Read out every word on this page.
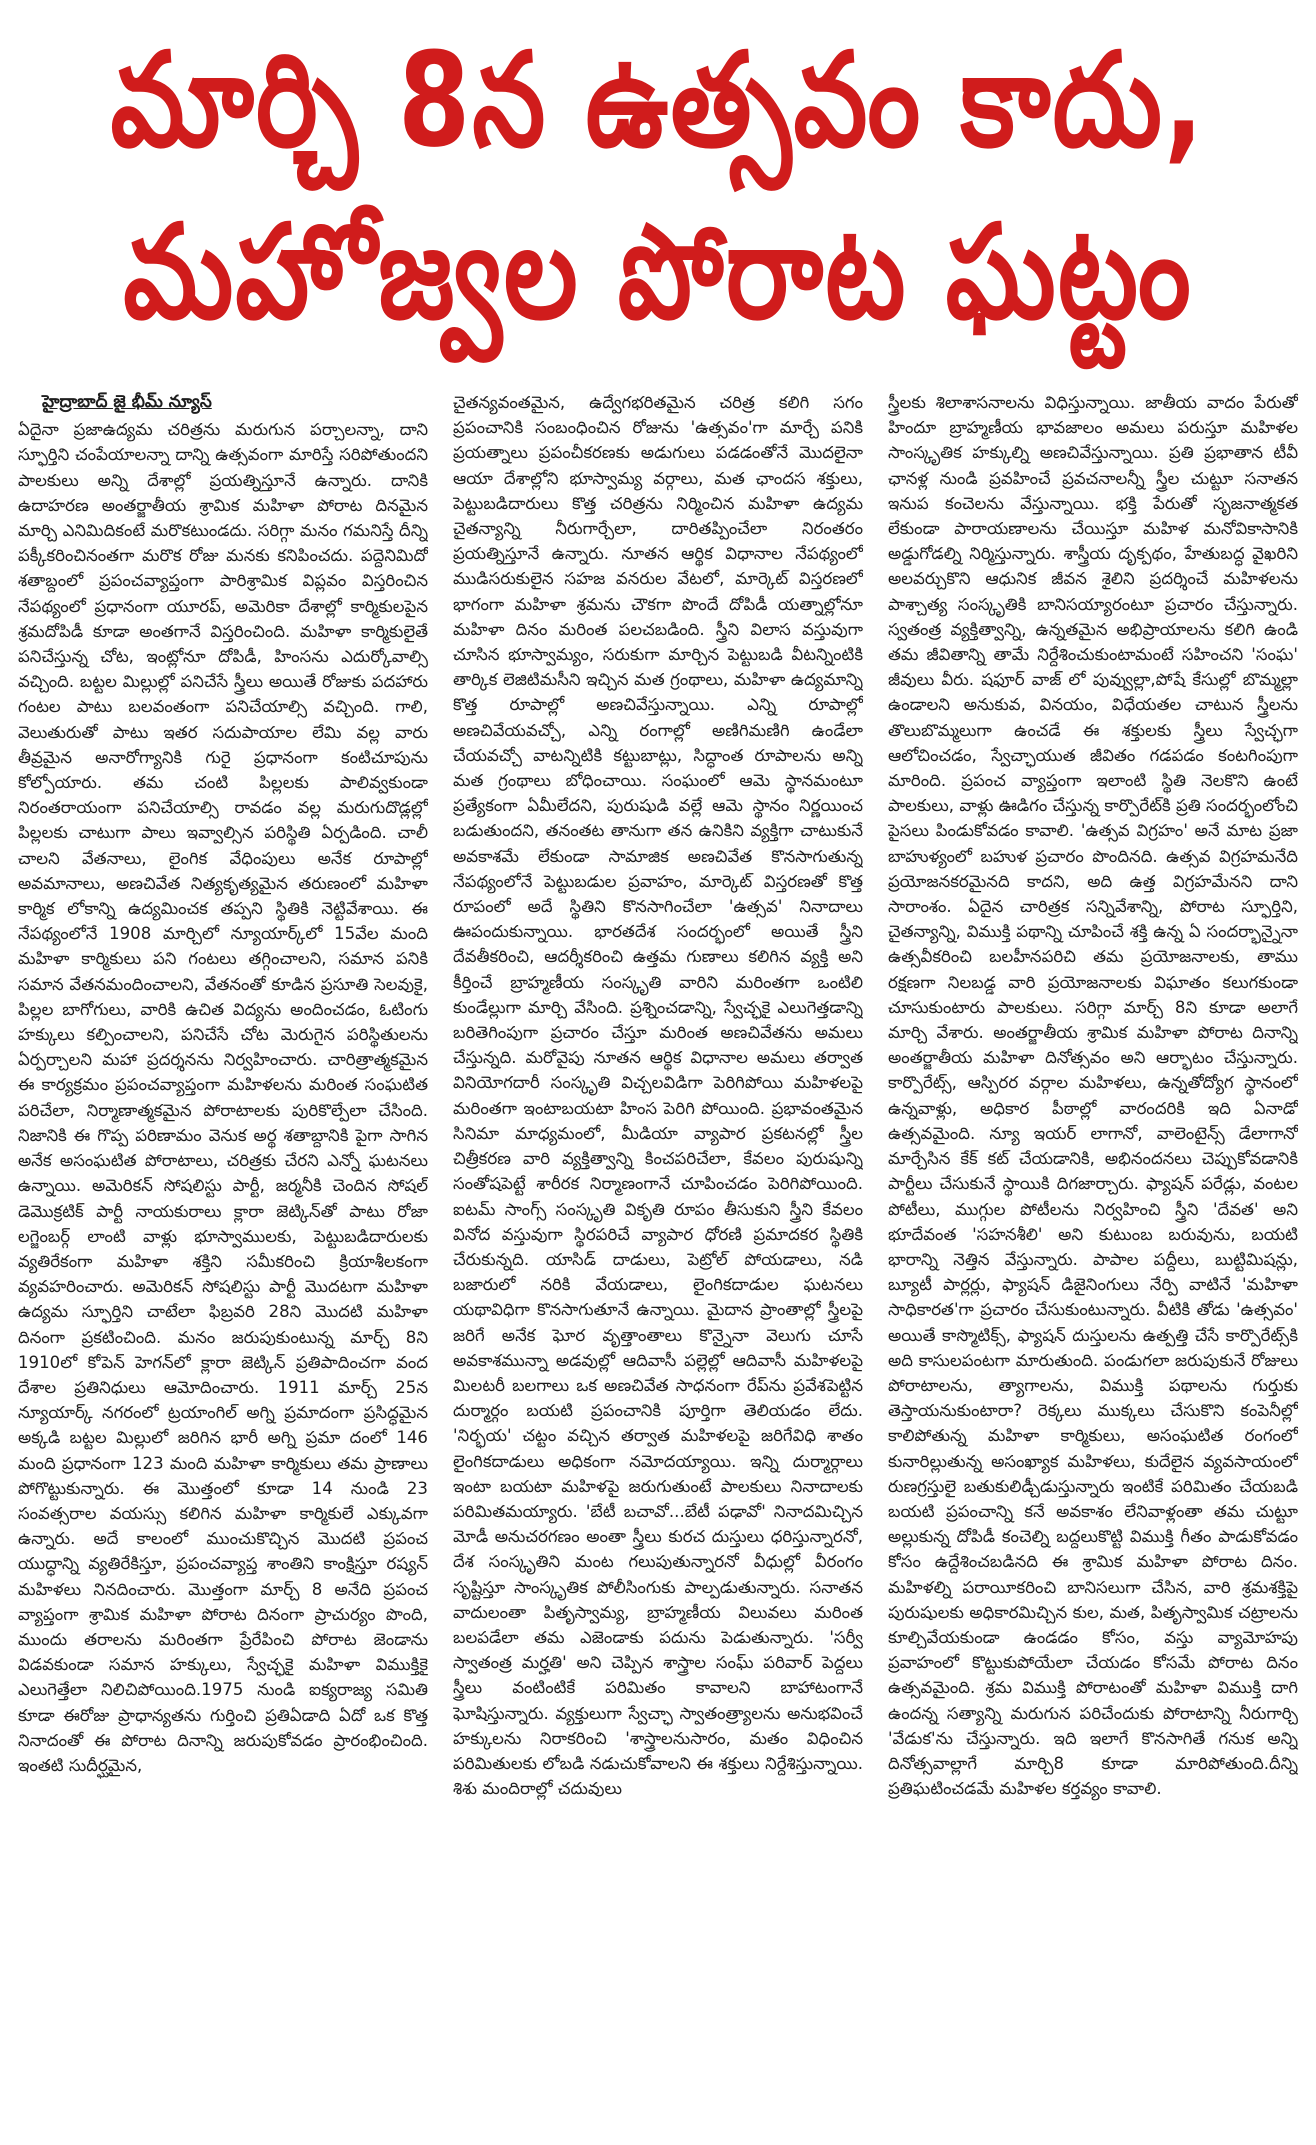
మార్చి 8న ఉత్సవం కాదు,
మహోజ్వల పోరాట ఘట్టం
హైద్రాబాద్ జై భీమ్ న్యూస్

ఏదైనా ప్రజాఉద్యమ చరిత్రను మరుగున పర్చాలన్నా, దాని స్ఫూర్తిని చంపేయాలన్నా దాన్ని ఉత్సవంగా మారిస్తే సరిపోతుందని పాలకులు అన్ని దేశాల్లో ప్రయత్నిస్తూనే ఉన్నారు. దానికి ఉదాహరణ అంతర్జాతీయ శ్రామిక మహిళా పోరాట దినమైన మార్చి ఎనిమిదికంటే మరొకటుండదు. సరిగ్గా మనం గమనిస్తే దీన్ని పక్కీకరించినంతగా మరొక రోజు మనకు కనిపించదు. పద్దెనిమిదో శతాబ్దంలో ప్రపంచవ్యాప్తంగా పారిశ్రామిక విప్లవం విస్తరించిన నేపథ్యంలో ప్రధానంగా యూరప్, అమెరికా దేశాల్లో కార్మికులపైన శ్రమదోపిడీ కూడా అంతగానే విస్తరించింది. మహిళా కార్మికులైతే పనిచేస్తున్న చోట, ఇంట్లోనూ దోపిడీ, హింసను ఎదుర్కోవాల్సి వచ్చింది. బట్టల మిల్లుల్లో పనిచేసే స్త్రీలు అయితే రోజుకు పదహారు గంటల పాటు బలవంతంగా పనిచేయాల్సి వచ్చింది. గాలి, వెలుతురుతో పాటు ఇతర సదుపాయాల లేమి వల్ల వారు తీవ్రమైన అనారోగ్యానికి గురై ప్రధానంగా కంటిచూపును కోల్పోయారు. తమ చంటి పిల్లలకు పాలివ్వకుండా నిరంతరాయంగా పనిచేయాల్సి రావడం వల్ల మరుగుదొడ్లల్లో పిల్లలకు చాటుగా పాలు ఇవ్వాల్సిన పరిస్థితి ఏర్పడింది. చాలీ చాలని వేతనాలు, లైంగిక వేధింపులు అనేక రూపాల్లో అవమానాలు, అణచివేత నిత్యకృత్యమైన తరుణంలో మహిళా కార్మిక లోకాన్ని ఉద్యమించక తప్పని స్థితికి నెట్టివేశాయి. ఈ నేపథ్యంలోనే 1908 మార్చిలో న్యూయార్క్‌లో 15వేల మంది మహిళా కార్మికులు పని గంటలు తగ్గించాలని, సమాన పనికి సమాన వేతనమందించాలని, వేతనంతో కూడిన ప్రసూతి సెలవుకై, పిల్లల బాగోగులు, వారికి ఉచిత విద్యను అందించడం, ఓటింగు హక్కులు కల్పించాలని, పనిచేసే చోట మెరుగైన పరిస్థితులను ఏర్పర్చాలని మహా ప్రదర్శనను నిర్వహించారు. చారిత్రాత్మకమైన ఈ కార్యక్రమం ప్రపంచవ్యాప్తంగా మహిళలను మరింత సంఘటిత పరిచేలా, నిర్మాణాత్మకమైన పోరాటాలకు పురికొల్పేలా చేసింది. నిజానికి ఈ గొప్ప పరిణామం వెనుక అర్థ శతాబ్దానికి పైగా సాగిన అనేక అసంఘటిత పోరాటాలు, చరిత్రకు చేరని ఎన్నో ఘటనలు ఉన్నాయి. అమెరికన్ సోషలిస్టు పార్టీ, జర్మనీకి చెందిన సోషల్ డెమొక్రటిక్ పార్టీ నాయకురాలు క్లారా జెట్కిన్‌తో పాటు రోజా లగ్జెంబర్గ్ లాంటి వాళ్లు భూస్వాములకు, పెట్టుబడిదారులకు వ్యతిరేకంగా మహిళా శక్తిని సమీకరించి క్రియాశీలకంగా వ్యవహరించారు. అమెరికన్ సోషలిస్టు పార్టీ మొదటగా మహిళా ఉద్యమ స్ఫూర్తిని చాటేలా ఫిబ్రవరి 28ని మొదటి మహిళా దినంగా ప్రకటించింది. మనం జరుపుకుంటున్న మార్చ్ 8ని 1910లో కోపెన్ హెగన్‌లో క్లారా జెట్కిన్ ప్రతిపాదించగా వంద దేశాల ప్రతినిధులు ఆమోదించారు. 1911 మార్చ్ 25న న్యూయార్క్ నగరంలో ట్రయాంగిల్ అగ్ని ప్రమాదంగా ప్రసిద్ధమైన అక్కడి బట్టల మిల్లులో జరిగిన భారీ అగ్ని ప్రమా దంలో 146 మంది ప్రధానంగా 123 మంది మహిళా కార్మికులు తమ ప్రాణాలు పోగొట్టుకున్నారు. ఈ మొత్తంలో కూడా 14 నుండి 23 సంవత్సరాల వయస్సు కలిగిన మహిళా కార్మికులే ఎక్కువగా ఉన్నారు. అదే కాలంలో ముంచుకొచ్చిన మొదటి ప్రపంచ యుద్ధాన్ని వ్యతిరేకిస్తూ, ప్రపంచవ్యాప్త శాంతిని కాంక్షిస్తూ రష్యన్ మహిళలు నినదించారు. మొత్తంగా మార్చ్ 8 అనేది ప్రపంచ వ్యాప్తంగా శ్రామిక మహిళా పోరాట దినంగా ప్రాచుర్యం పొంది, ముందు తరాలను మరింతగా ప్రేరేపించి పోరాట జెండాను విడవకుండా సమాన హక్కులు, స్వేచ్ఛకై మహిళా విముక్తికై ఎలుగెత్తేలా నిలిచిపోయింది.1975 నుండి ఐక్యరాజ్య సమితి కూడా ఈరోజు ప్రాధాన్యతను గుర్తించి ప్రతిఏడాది ఏదో ఒక కొత్త నినాదంతో ఈ పోరాట దినాన్ని జరుపుకోవడం ప్రారంభించింది. ఇంతటి సుదీర్ఘమైన,

చైతన్యవంతమైన, ఉద్వేగభరితమైన చరిత్ర కలిగి సగం ప్రపంచానికి సంబంధించిన రోజును 'ఉత్సవం'గా మార్చే పనికి ప్రయత్నాలు ప్రపంచీకరణకు అడుగులు పడడంతోనే మొదలైనా ఆయా దేశాల్లోని భూస్వామ్య వర్గాలు, మత ఛాందస శక్తులు, పెట్టుబడిదారులు కొత్త చరిత్రను నిర్మించిన మహిళా ఉద్యమ చైతన్యాన్ని నీరుగార్చేలా, దారితప్పించేలా నిరంతరం ప్రయత్నిస్తూనే ఉన్నారు. నూతన ఆర్థిక విధానాల నేపథ్యంలో ముడిసరుకులైన సహజ వనరుల వేటలో, మార్కెట్ విస్తరణలో భాగంగా మహిళా శ్రమను చౌకగా పొందే దోపిడీ యత్నాల్లోనూ మహిళా దినం మరింత పలచబడింది. స్త్రీని విలాస వస్తువుగా చూసిన భూస్వామ్యం, సరుకుగా మార్చిన పెట్టుబడి వీటన్నింటికి తార్కిక లెజిటిమసీని ఇచ్చిన మత గ్రంథాలు, మహిళా ఉద్యమాన్ని కొత్త రూపాల్లో అణచివేస్తున్నాయి. ఎన్ని రూపాల్లో అణచివేయవచ్చో, ఎన్ని రంగాల్లో అణిగిమణిగి ఉండేలా చేయవచ్చో వాటన్నిటికి కట్టుబాట్లు, సిద్ధాంత రూపాలను అన్ని మత గ్రంథాలు బోధించాయి. సంఘంలో ఆమె స్థానమంటూ ప్రత్యేకంగా ఏమీలేదని, పురుషుడి వల్లే ఆమె స్థానం నిర్ణయించ బడుతుందని, తనంతట తానుగా తన ఉనికిని వ్యక్తిగా చాటుకునే అవకాశమే లేకుండా సామాజిక అణచివేత కొనసాగుతున్న నేపథ్యంలోనే పెట్టుబడుల ప్రవాహం, మార్కెట్ విస్తరణతో కొత్త రూపంలో అదే స్థితిని కొనసాగించేలా 'ఉత్సవ' నినాదాలు ఊపందుకున్నాయి. భారతదేశ సందర్భంలో అయితే స్త్రీని దేవతీకరించి, ఆదర్శీకరించి ఉత్తమ గుణాలు కలిగిన వ్యక్తి అని కీర్తించే బ్రాహ్మణీయ సంస్కృతి వారిని మరింతగా ఒంటిలి కుండేల్లుగా మార్చి వేసింది. ప్రశ్నించడాన్ని, స్వేచ్ఛకై ఎలుగెత్తడాన్ని బరితెగింపుగా ప్రచారం చేస్తూ మరింత అణచివేతను అమలు చేస్తున్నది. మరోవైపు నూతన ఆర్థిక విధానాల అమలు తర్వాత వినియోగదారీ సంస్కృతి విచ్చలవిడిగా పెరిగిపోయి మహిళలపై మరింతగా ఇంటాబయటా హింస పెరిగి పోయింది. ప్రభావంతమైన సినిమా మాధ్యమంలో, మీడియా వ్యాపార ప్రకటనల్లో స్త్రీల చిత్రీకరణ వారి వ్యక్తిత్వాన్ని కించపరిచేలా, కేవలం పురుషున్ని సంతోషపెట్టే శారీరక నిర్మాణంగానే చూపించడం పెరిగిపోయింది. ఐటమ్ సాంగ్స్ సంస్కృతి వికృతి రూపం తీసుకుని స్త్రీని కేవలం వినోద వస్తువుగా స్థిరపరిచే వ్యాపార ధోరణి ప్రమాదకర స్థితికి చేరుకున్నది. యాసిడ్ దాడులు, పెట్రోల్ పోయడాలు, నడి బజారులో నరికి వేయడాలు, లైంగికదాడుల ఘటనలు యథావిధిగా కొనసాగుతూనే ఉన్నాయి. మైదాన ప్రాంతాల్లో స్త్రీలపై జరిగే అనేక ఘోర వృత్తాంతాలు కొన్నైనా వెలుగు చూసే అవకాశమున్నా అడవుల్లో ఆదివాసీ పల్లెల్లో ఆదివాసీ మహిళలపై మిలటరీ బలగాలు ఒక అణచివేత సాధనంగా రేప్‌ను ప్రవేశపెట్టిన దుర్మార్గం బయటి ప్రపంచానికి పూర్తిగా తెలియడం లేదు. 'నిర్భయ' చట్టం వచ్చిన తర్వాత మహిళలపై జరిగేవిధి శాతం లైంగికదాడులు అధికంగా నమోదయ్యాయి. ఇన్ని దుర్మార్గాలు ఇంటా బయటా మహిళపై జరుగుతుంటే పాలకులు నినాదాలకు పరిమితమయ్యారు. 'బేటీ బచావో...బేటీ పఢావో' నినాదమిచ్చిన మోడీ అనుచరగణం అంతా స్త్రీలు కురచ దుస్తులు ధరిస్తున్నారనో, దేశ సంస్కృతిని మంట గలుపుతున్నారనో వీధుల్లో వీరంగం సృష్టిస్తూ సాంస్కృతిక పోలీసింగుకు పాల్పడుతున్నారు. సనాతన వాదులంతా పితృస్వామ్య, బ్రాహ్మణీయ విలువలు మరింత బలపడేలా తమ ఎజెండాకు పదును పెడుతున్నారు. 'సర్వీ స్వాతంత్ర మర్హతి' అని చెప్పిన శాస్త్రాల సంఘ్ పరివార్ పెద్దలు స్త్రీలు వంటింటికే పరిమితం కావాలని బాహాటంగానే ఘోషిస్తున్నారు. వ్యక్తులుగా స్వేచ్ఛా స్వాతంత్ర్యాలను అనుభవించే హక్కులను నిరాకరించి 'శాస్త్రాలనుసారం, మతం విధించిన పరిమితులకు లోబడి నడుచుకోవాలని ఈ శక్తులు నిర్దేశిస్తున్నాయి. శిశు మందిరాల్లో చదువులు

స్త్రీలకు శిలాశాసనాలను విధిస్తున్నాయి. జాతీయ వాదం పేరుతో హిందూ బ్రాహ్మణీయ భావజాలం అమలు పరుస్తూ మహిళల సాంస్కృతిక హక్కుల్ని అణచివేస్తున్నాయి. ప్రతి ప్రభాతాన టీవీ ఛానళ్ల నుండి ప్రవహించే ప్రవచనాలన్నీ స్త్రీల చుట్టూ సనాతన ఇనుప కంచెలను వేస్తున్నాయి. భక్తి పేరుతో సృజనాత్మకత లేకుండా పారాయణాలను చేయిస్తూ మహిళ మనోవికాసానికి అడ్డుగోడల్ని నిర్మిస్తున్నారు. శాస్త్రీయ దృక్పథం, హేతుబద్ధ వైఖరిని అలవర్చుకొని ఆధునిక జీవన శైలిని ప్రదర్శించే మహిళలను పాశ్చాత్య సంస్కృతికి బానిసయ్యారంటూ ప్రచారం చేస్తున్నారు. స్వతంత్ర వ్యక్తిత్వాన్ని, ఉన్నతమైన అభిప్రాయాలను కలిగి ఉండి తమ జీవితాన్ని తామే నిర్దేశించుకుంటామంటే సహించని 'సంఘ' జీవులు వీరు. షఫూర్ వాజ్ లో పువ్వుల్లా,పోషే కేసుల్లో బొమ్మల్లా ఉండాలని అనుకువ, వినయం, విధేయతల చాటున స్త్రీలను తొలుబొమ్మలుగా ఉంచడే ఈ శక్తులకు స్త్రీలు స్వేచ్ఛగా ఆలోచించడం, స్వేచ్ఛాయుత జీవితం గడపడం కంటగింపుగా మారింది. ప్రపంచ వ్యాప్తంగా ఇలాంటి స్థితి నెలకొని ఉంటే పాలకులు, వాళ్లు ఊడిగం చేస్తున్న కార్పొరేట్‌కి ప్రతి సందర్భంలోంచి పైసలు పిండుకోవడం కావాలి. 'ఉత్సవ విగ్రహం' అనే మాట ప్రజా బాహుళ్యంలో బహుళ ప్రచారం పొందినది. ఉత్సవ విగ్రహమనేది ప్రయోజనకరమైనది కాదని, అది ఉత్త విగ్రహమేనని దాని సారాంశం. ఏదైన చారిత్రక సన్నివేశాన్ని, పోరాట స్ఫూర్తిని, చైతన్యాన్ని, విముక్తి పథాన్ని చూపించే శక్తి ఉన్న ఏ సందర్భాన్నైనా ఉత్సవీకరించి బలహీనపరిచి తమ ప్రయోజనాలకు, తాము రక్షణగా నిలబడ్డ వారి ప్రయోజనాలకు విఘాతం కలుగకుండా చూసుకుంటారు పాలకులు. సరిగ్గా మార్చ్ 8ని కూడా అలాగే మార్చి వేశారు. అంతర్జాతీయ శ్రామిక మహిళా పోరాట దినాన్ని అంతర్జాతీయ మహిళా దినోత్సవం అని ఆర్భాటం చేస్తున్నారు. కార్పొరేట్స్, ఆస్పిరర వర్గాల మహిళలు, ఉన్నతోద్యోగ స్థానంలో ఉన్నవాళ్లు, అధికార పీఠాల్లో వారందరికి ఇది ఏనాడో ఉత్సవమైంది. న్యూ ఇయర్ లాగానో, వాలెంటైన్స్ డేలాగానో మార్చేసిన కేక్ కట్ చేయడానికి, అభినందనలు చెప్పుకోవడానికి పార్టీలు చేసుకునే స్థాయికి దిగజార్చారు. ఫ్యాషన్ పరేడ్లు, వంటల పోటీలు, ముగ్గుల పోటీలను నిర్వహించి స్త్రీని 'దేవత' అని భూదేవంత 'సహనశీలి' అని కుటుంబ బరువును, బయటి భారాన్ని నెత్తిన వేస్తున్నారు. పాపాల పద్దీలు, బుట్టిమిషన్లు, బ్యూటీ పార్లర్లు, ఫ్యాషన్ డిజైనింగులు నేర్పి వాటినే 'మహిళా సాధికారత'గా ప్రచారం చేసుకుంటున్నారు. వీటికి తోడు 'ఉత్సవం' అయితే కాస్మొటిక్స్, ఫ్యాషన్ దుస్తులను ఉత్పత్తి చేసే కార్పొరేట్స్‌కి అది కాసులపంటగా మారుతుంది. పండుగలా జరుపుకునే రోజులు పోరాటాలను, త్యాగాలను, విముక్తి పథాలను గుర్తుకు తెస్తాయనుకుంటారా? రెక్కలు ముక్కలు చేసుకొని కంపెనీల్లో కాలిపోతున్న మహిళా కార్మికులు, అసంఘటిత రంగంలో కునారిల్లుతున్న అసంఖ్యాక మహిళలు, కుదేలైన వ్యవసాయంలో రుణగ్రస్తులై బతుకులిడ్చీడుస్తున్నారు ఇంటికే పరిమితం చేయబడి బయటి ప్రపంచాన్ని కనే అవకాశం లేనివాళ్లంతా తమ చుట్టూ అల్లుకున్న దోపిడీ కంచెల్ని బద్దలుకొట్టి విముక్తి గీతం పాడుకోవడం కోసం ఉద్దేశించబడినది ఈ శ్రామిక మహిళా పోరాట దినం. మహిళల్ని పరాయీకరించి బానిసలుగా చేసిన, వారి శ్రమశక్తిపై పురుషులకు అధికారమిచ్చిన కుల, మత, పితృస్వామిక చట్రాలను కూల్చివేయకుండా ఉండడం కోసం, వస్తు వ్యామోహపు ప్రవాహంలో కొట్టుకుపోయేలా చేయడం కోసమే పోరాట దినం ఉత్సవమైంది. శ్రమ విముక్తి పోరాటంతో మహిళా విముక్తి దాగి ఉందన్న సత్యాన్ని మరుగున పరిచేందుకు పోరాటాన్ని నీరుగార్చి 'వేడుక'ను చేస్తున్నారు. ఇది ఇలాగే కొనసాగితే గనుక అన్ని దినోత్సవాల్లాగే మార్చి8 కూడా మారిపోతుంది.దీన్ని ప్రతిఘటించడమే మహిళల కర్తవ్యం కావాలి.
